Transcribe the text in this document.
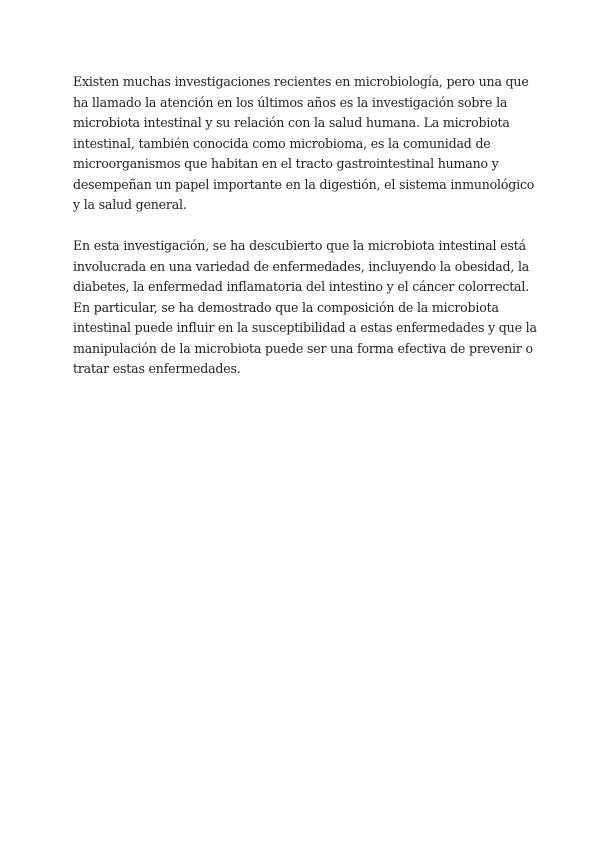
Existen muchas investigaciones recientes en microbiología, pero una que
ha llamado la atención en los últimos años es la investigación sobre la
microbiota intestinal y su relación con la salud humana. La microbiota
intestinal, también conocida como microbioma, es la comunidad de
microorganismos que habitan en el tracto gastrointestinal humano y
desempeñan un papel importante en la digestión, el sistema inmunológico
y la salud general.

En esta investigación, se ha descubierto que la microbiota intestinal está
involucrada en una variedad de enfermedades, incluyendo la obesidad, la
diabetes, la enfermedad inflamatoria del intestino y el cáncer colorrectal.
En particular, se ha demostrado que la composición de la microbiota
intestinal puede influir en la susceptibilidad a estas enfermedades y que la
manipulación de la microbiota puede ser una forma efectiva de prevenir o
tratar estas enfermedades.
